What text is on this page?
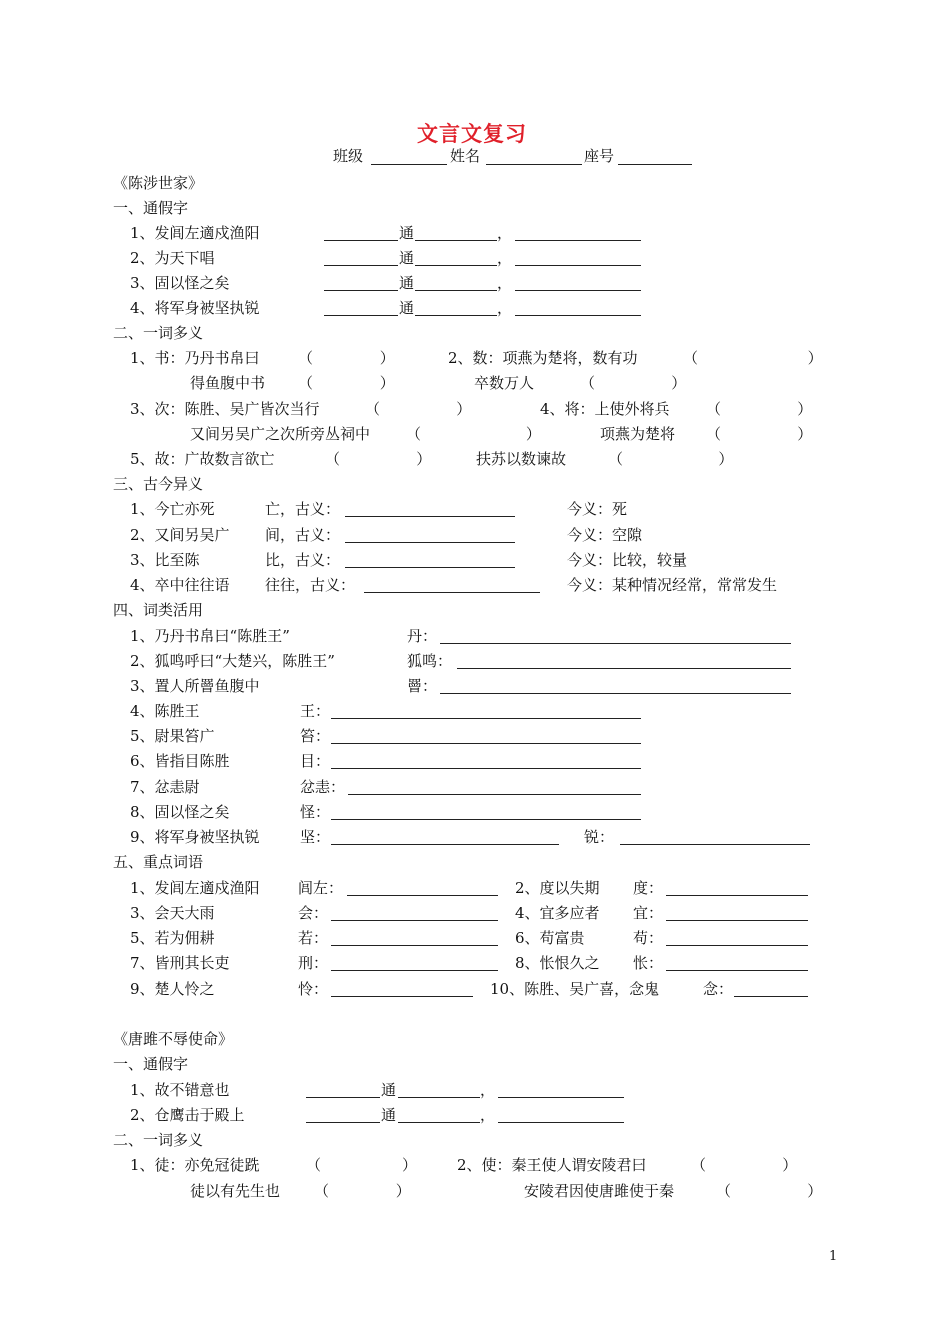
文言文复习
班级	姓名	座号
《陈涉世家》
一、通假字
1、发闾左適戍渔阳	通	，
2、为天下唱	通	，
3、固以怪之矣	通	，
4、将军身被坚执锐	通	，
二、一词多义
1、书：乃丹书帛曰	（              ）	2、数：项燕为楚将，数有功	（                       ）
得鱼腹中书 （              ）	卒数万人	（                ）
3、次：陈胜、吴广皆次当行	（                ）	4、将：上使外将兵 （                ）
又间另吴广之次所旁丛祠中 （                      ）	项燕为楚将 （                ）
5、故：广故数言欲亡	（                ）	扶苏以数谏故	（                    ）
三、古今异义
1、今亡亦死	亡，古义：	今义：死
2、又间另吴广 间，古义：	今义：空隙
3、比至陈	比，古义：	今义：比较，较量
4、卒中往往语 往往，古义：	今义：某种情况经常，常常发生
四、词类活用
1、乃丹书帛曰“陈胜王”	丹：
2、狐鸣呼曰“大楚兴，陈胜王”	狐鸣：
3、置人所罾鱼腹中	罾：
4、陈胜王	王：
5、尉果笞广	笞：
6、皆指目陈胜	目：
7、忿恚尉	忿恚：
8、固以怪之矣	怪：
9、将军身被坚执锐	坚：	锐：
五、重点词语
1、发闾左適戍渔阳	闾左：	2、度以失期 度：
3、会天大雨	会：	4、宜多应者 宜：
5、若为佣耕	若：	6、苟富贵	苟：
7、皆刑其长吏	刑：	8、怅恨久之 怅：
9、楚人怜之	怜：	10、陈胜、吴广喜，念鬼	念：
《唐雎不辱使命》
一、通假字
1、故不错意也	通	，
2、仓鹰击于殿上	通	，
二、一词多义
1、徒：亦免冠徒跣	（                 ）	2、使：秦王使人谓安陵君曰	（                ）
徒以有先生也 （              ）	安陵君因使唐雎使于秦	（                ）
1
